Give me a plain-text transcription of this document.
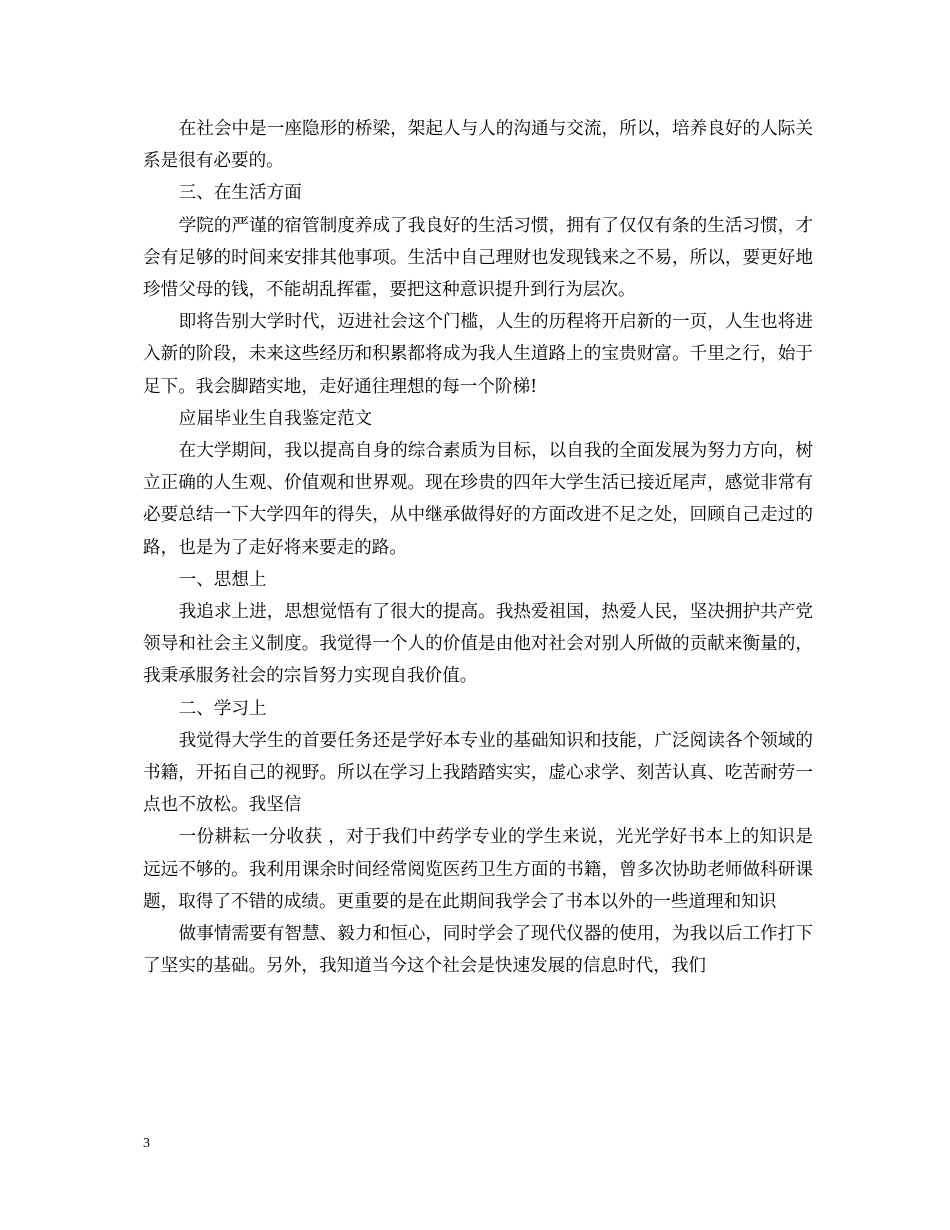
在社会中是一座隐形的桥梁，架起人与人的沟通与交流，所以，培养良好的人际关系是很有必要的。

三、在生活方面

学院的严谨的宿管制度养成了我良好的生活习惯，拥有了仅仅有条的生活习惯，才会有足够的时间来安排其他事项。生活中自己理财也发现钱来之不易，所以，要更好地珍惜父母的钱，不能胡乱挥霍，要把这种意识提升到行为层次。

即将告别大学时代，迈进社会这个门槛，人生的历程将开启新的一页，人生也将进入新的阶段，未来这些经历和积累都将成为我人生道路上的宝贵财富。千里之行，始于足下。我会脚踏实地，走好通往理想的每一个阶梯!

应届毕业生自我鉴定范文

在大学期间，我以提高自身的综合素质为目标，以自我的全面发展为努力方向，树立正确的人生观、价值观和世界观。现在珍贵的四年大学生活已接近尾声，感觉非常有必要总结一下大学四年的得失，从中继承做得好的方面改进不足之处，回顾自己走过的路，也是为了走好将来要走的路。

一、思想上

我追求上进，思想觉悟有了很大的提高。我热爱祖国，热爱人民，坚决拥护共产党领导和社会主义制度。我觉得一个人的价值是由他对社会对别人所做的贡献来衡量的，我秉承服务社会的宗旨努力实现自我价值。

二、学习上

我觉得大学生的首要任务还是学好本专业的基础知识和技能，广泛阅读各个领域的书籍，开拓自己的视野。所以在学习上我踏踏实实，虚心求学、刻苦认真、吃苦耐劳一点也不放松。我坚信

一份耕耘一分收获 ，对于我们中药学专业的学生来说，光光学好书本上的知识是远远不够的。我利用课余时间经常阅览医药卫生方面的书籍，曾多次协助老师做科研课题，取得了不错的成绩。更重要的是在此期间我学会了书本以外的一些道理和知识

做事情需要有智慧、毅力和恒心，同时学会了现代仪器的使用，为我以后工作打下了坚实的基础。另外，我知道当今这个社会是快速发展的信息时代，我们

3
